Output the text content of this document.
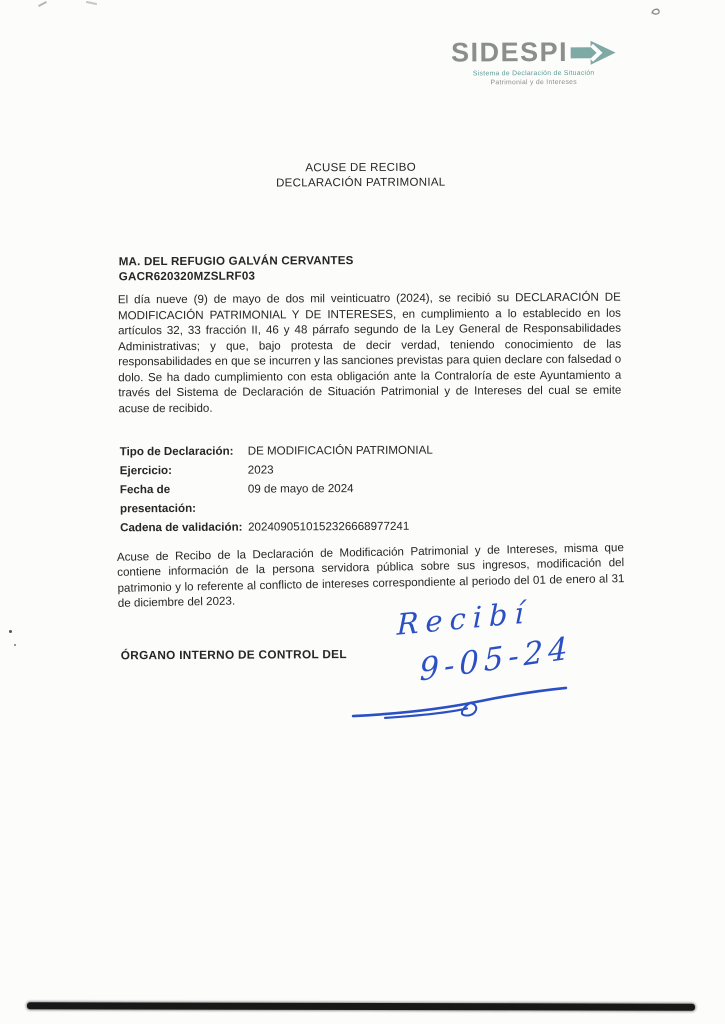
SIDESPI
Sistema de Declaración de Situación
Patrimonial y de Intereses
ACUSE DE RECIBO
DECLARACIÓN PATRIMONIAL
MA. DEL REFUGIO GALVÁN CERVANTES
GACR620320MZSLRF03

El día nueve (9) de mayo de dos mil veinticuatro (2024), se recibió su DECLARACIÓN DE MODIFICACIÓN PATRIMONIAL Y DE INTERESES, en cumplimiento a lo establecido en los artículos 32, 33 fracción II, 46 y 48 párrafo segundo de la Ley General de Responsabilidades Administrativas; y que, bajo protesta de decir verdad, teniendo conocimiento de las responsabilidades en que se incurren y las sanciones previstas para quien declare con falsedad o dolo. Se ha dado cumplimiento con esta obligación ante la Contraloría de este Ayuntamiento a través del Sistema de Declaración de Situación Patrimonial y de Intereses del cual se emite acuse de recibido.

Tipo de Declaración:	DE MODIFICACIÓN PATRIMONIAL
Ejercicio:	2023
Fecha de presentación:
09 de mayo de 2024
Cadena de validación: 2024090510152326668977241

Acuse de Recibo de la Declaración de Modificación Patrimonial y de Intereses, misma que contiene información de la persona servidora pública sobre sus ingresos, modificación del patrimonio y lo referente al conflicto de intereses correspondiente al periodo del 01 de enero al 31 de diciembre del 2023.

ÓRGANO INTERNO DE CONTROL DEL
Recibí
9-05-24
